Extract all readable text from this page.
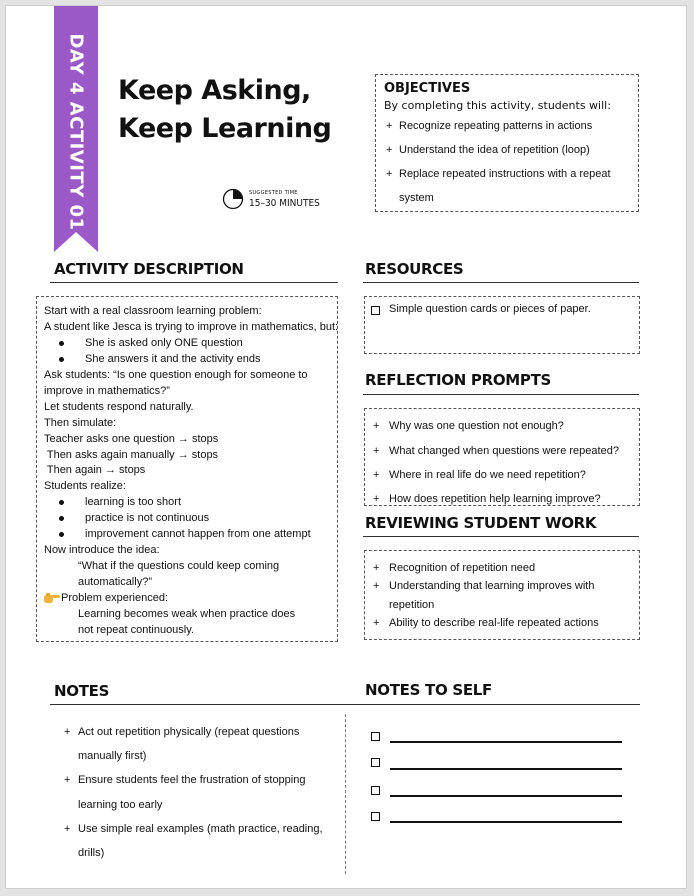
DAY 4 ACTIVITY 01 Keep Asking,
Keep Learning
SUGGESTED TIME
15–30 MINUTES
OBJECTIVES
By completing this activity, students will:
+ Recognize repeating patterns in actions
+ Understand the idea of repetition (loop)
+ Replace repeated instructions with a repeat
system
ACTIVITY DESCRIPTION
Start with a real classroom learning problem:
A student like Jesca is trying to improve in mathematics, but:
She is asked only ONE question
She answers it and the activity ends
Ask students: “Is one question enough for someone to
improve in mathematics?”
Let students respond naturally.
Then simulate:
Teacher asks one question → stops
Then asks again manually → stops
Then again → stops
Students realize:
learning is too short
practice is not continuous
improvement cannot happen from one attempt
Now introduce the idea:
“What if the questions could keep coming
automatically?”
Problem experienced:
Learning becomes weak when practice does
not repeat continuously.
RESOURCES
Simple question cards or pieces of paper.
REFLECTION PROMPTS
+ Why was one question not enough?
+ What changed when questions were repeated?
+ Where in real life do we need repetition?
+ How does repetition help learning improve?
REVIEWING STUDENT WORK
+ Recognition of repetition need
+ Understanding that learning improves with
repetition
+ Ability to describe real-life repeated actions
NOTES
+ Act out repetition physically (repeat questions
manually first)
+ Ensure students feel the frustration of stopping
learning too early
+ Use simple real examples (math practice, reading,
drills)
NOTES TO SELF
